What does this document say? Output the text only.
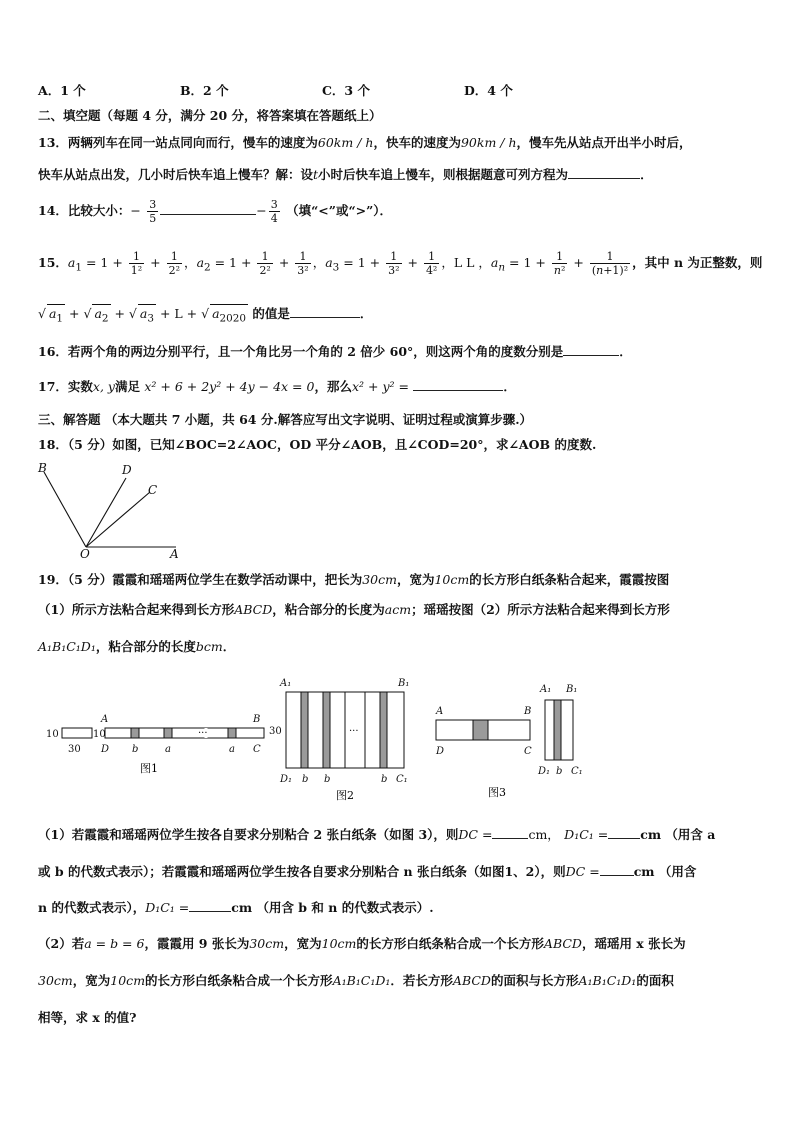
A．1 个	B．2 个	C．3 个	D．4 个
二、填空题（每题 4 分，满分 20 分，将答案填在答题纸上）
13．两辆列车在同一站点同向而行，慢车的速度为60km / h，快车的速度为90km / h，慢车先从站点开出半小时后，
快车从站点出发，几小时后快车追上慢车？解：设t小时后快车追上慢车，则根据题意可列方程为	．
14．比较大小：− $\frac{3}{5}$	− $\frac{3}{4}$ （填“<”或“>”）．
15．$a_1 = 1 + \frac{1}{\text{1²}} + \frac{1}{\text{2²}}$ ，$a_2 = 1 + \frac{1}{\text{2²}} + \frac{1}{\text{3²}}$ ，$a_3 = 1 + \frac{1}{\text{3²}} + \frac{1}{\text{4²}}$ ，L L ，$a_n = 1 + \frac{1}{\text{n²}} + \frac{1}{\text{(n+1)²}}$ ，其中 n 为正整数，则
√ $a_1$ + √ $a_2$ + √ $a_3 + L$ + √ $a_{2020}$ 的值是	．
16．若两个角的两边分别平行，且一个角比另一个角的 2 倍少 60°，则这两个角的度数分别是	．
17．实数x, y满足 x² + 6 + 2y² + 4y − 4x = 0，那么x² + y² =	．
三、解答题 （本大题共 7 小题，共 64 分.解答应写出文字说明、证明过程或演算步骤.）
18．（5 分）如图，已知∠BOC=2∠AOC，OD 平分∠AOB，且∠COD=20°，求∠AOB 的度数.
B	D
C
O	A
19．（5 分）霞霞和瑶瑶两位学生在数学活动课中，把长为30cm，宽为10cm的长方形白纸条粘合起来，霞霞按图
（1）所示方法粘合起来得到长方形ABCD，粘合部分的长度为acm；瑶瑶按图（2）所示方法粘合起来得到长方形
A₁B₁C₁D₁，粘合部分的长度bcm．
10
30
A
10
D b	a	a
B
C
···
图1
A₁	B₁
30
D₁ b b	b C₁
···
图2
A	B
D	C
A₁ B₁
D₁ b C₁
图3
（1）若霞霞和瑶瑶两位学生按各自要求分别粘合 2 张白纸条（如图 3），则DC =	cm， D₁C₁ =	cm （用含 a
或 b 的代数式表示）；若霞霞和瑶瑶两位学生按各自要求分别粘合 n 张白纸条（如图1、2），则DC =	cm （用含
n 的代数式表示），D₁C₁ =	cm （用含 b 和 n 的代数式表示）.
（2）若a = b = 6，霞霞用 9 张长为30cm，宽为10cm的长方形白纸条粘合成一个长方形ABCD，瑶瑶用 x 张长为
30cm，宽为10cm的长方形白纸条粘合成一个长方形A₁B₁C₁D₁．若长方形ABCD的面积与长方形A₁B₁C₁D₁的面积
相等，求 x 的值?
